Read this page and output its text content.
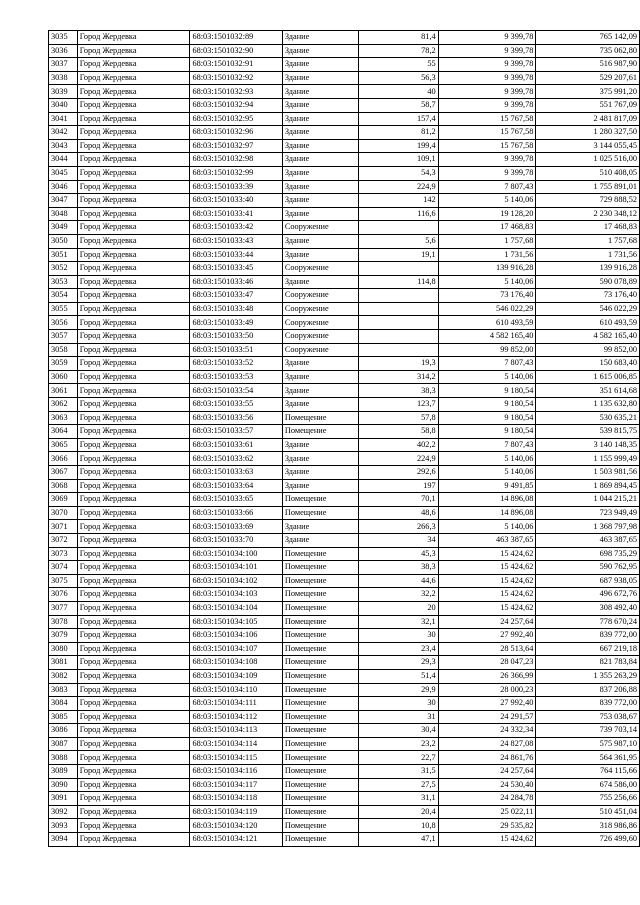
3035	Город Жердевка	68:03:1501032:89	Здание	81,4	9 399,78	765 142,09
3036	Город Жердевка	68:03:1501032:90	Здание	78,2	9 399,78	735 062,80
3037	Город Жердевка	68:03:1501032:91	Здание	55	9 399,78	516 987,90
3038	Город Жердевка	68:03:1501032:92	Здание	56,3	9 399,78	529 207,61
3039	Город Жердевка	68:03:1501032:93	Здание	40	9 399,78	375 991,20
3040	Город Жердевка	68:03:1501032:94	Здание	58,7	9 399,78	551 767,09
3041	Город Жердевка	68:03:1501032:95	Здание	157,4	15 767,58	2 481 817,09
3042	Город Жердевка	68:03:1501032:96	Здание	81,2	15 767,58	1 280 327,50
3043	Город Жердевка	68:03:1501032:97	Здание	199,4	15 767,58	3 144 055,45
3044	Город Жердевка	68:03:1501032:98	Здание	109,1	9 399,78	1 025 516,00
3045	Город Жердевка	68:03:1501032:99	Здание	54,3	9 399,78	510 408,05
3046	Город Жердевка	68:03:1501033:39	Здание	224,9	7 807,43	1 755 891,01
3047	Город Жердевка	68:03:1501033:40	Здание	142	5 140,06	729 888,52
3048	Город Жердевка	68:03:1501033:41	Здание	116,6	19 128,20	2 230 348,12
3049	Город Жердевка	68:03:1501033:42	Сооружение		17 468,83	17 468,83
3050	Город Жердевка	68:03:1501033:43	Здание	5,6	1 757,68	1 757,68
3051	Город Жердевка	68:03:1501033:44	Здание	19,1	1 731,56	1 731,56
3052	Город Жердевка	68:03:1501033:45	Сооружение		139 916,28	139 916,28
3053	Город Жердевка	68:03:1501033:46	Здание	114,8	5 140,06	590 078,89
3054	Город Жердевка	68:03:1501033:47	Сооружение		73 176,40	73 176,40
3055	Город Жердевка	68:03:1501033:48	Сооружение		546 022,29	546 022,29
3056	Город Жердевка	68:03:1501033:49	Сооружение		610 493,59	610 493,59
3057	Город Жердевка	68:03:1501033:50	Сооружение		4 582 165,40	4 582 165,40
3058	Город Жердевка	68:03:1501033:51	Сооружение		99 852,00	99 852,00
3059	Город Жердевка	68:03:1501033:52	Здание	19,3	7 807,43	150 683,40
3060	Город Жердевка	68:03:1501033:53	Здание	314,2	5 140,06	1 615 006,85
3061	Город Жердевка	68:03:1501033:54	Здание	38,3	9 180,54	351 614,68
3062	Город Жердевка	68:03:1501033:55	Здание	123,7	9 180,54	1 135 632,80
3063	Город Жердевка	68:03:1501033:56	Помещение	57,8	9 180,54	530 635,21
3064	Город Жердевка	68:03:1501033:57	Помещение	58,8	9 180,54	539 815,75
3065	Город Жердевка	68:03:1501033:61	Здание	402,2	7 807,43	3 140 148,35
3066	Город Жердевка	68:03:1501033:62	Здание	224,9	5 140,06	1 155 999,49
3067	Город Жердевка	68:03:1501033:63	Здание	292,6	5 140,06	1 503 981,56
3068	Город Жердевка	68:03:1501033:64	Здание	197	9 491,85	1 869 894,45
3069	Город Жердевка	68:03:1501033:65	Помещение	70,1	14 896,08	1 044 215,21
3070	Город Жердевка	68:03:1501033:66	Помещение	48,6	14 896,08	723 949,49
3071	Город Жердевка	68:03:1501033:69	Здание	266,3	5 140,06	1 368 797,98
3072	Город Жердевка	68:03:1501033:70	Здание	34	463 387,65	463 387,65
3073	Город Жердевка	68:03:1501034:100	Помещение	45,3	15 424,62	698 735,29
3074	Город Жердевка	68:03:1501034:101	Помещение	38,3	15 424,62	590 762,95
3075	Город Жердевка	68:03:1501034:102	Помещение	44,6	15 424,62	687 938,05
3076	Город Жердевка	68:03:1501034:103	Помещение	32,2	15 424,62	496 672,76
3077	Город Жердевка	68:03:1501034:104	Помещение	20	15 424,62	308 492,40
3078	Город Жердевка	68:03:1501034:105	Помещение	32,1	24 257,64	778 670,24
3079	Город Жердевка	68:03:1501034:106	Помещение	30	27 992,40	839 772,00
3080	Город Жердевка	68:03:1501034:107	Помещение	23,4	28 513,64	667 219,18
3081	Город Жердевка	68:03:1501034:108	Помещение	29,3	28 047,23	821 783,84
3082	Город Жердевка	68:03:1501034:109	Помещение	51,4	26 366,99	1 355 263,29
3083	Город Жердевка	68:03:1501034:110	Помещение	29,9	28 000,23	837 206,88
3084	Город Жердевка	68:03:1501034:111	Помещение	30	27 992,40	839 772,00
3085	Город Жердевка	68:03:1501034:112	Помещение	31	24 291,57	753 038,67
3086	Город Жердевка	68:03:1501034:113	Помещение	30,4	24 332,34	739 703,14
3087	Город Жердевка	68:03:1501034:114	Помещение	23,2	24 827,08	575 987,10
3088	Город Жердевка	68:03:1501034:115	Помещение	22,7	24 861,76	564 361,95
3089	Город Жердевка	68:03:1501034:116	Помещение	31,5	24 257,64	764 115,66
3090	Город Жердевка	68:03:1501034:117	Помещение	27,5	24 530,40	674 586,00
3091	Город Жердевка	68:03:1501034:118	Помещение	31,1	24 284,78	755 256,66
3092	Город Жердевка	68:03:1501034:119	Помещение	20,4	25 022,11	510 451,04
3093	Город Жердевка	68:03:1501034:120	Помещение	10,8	29 535,82	318 986,86
3094	Город Жердевка	68:03:1501034:121	Помещение	47,1	15 424,62	726 499,60
